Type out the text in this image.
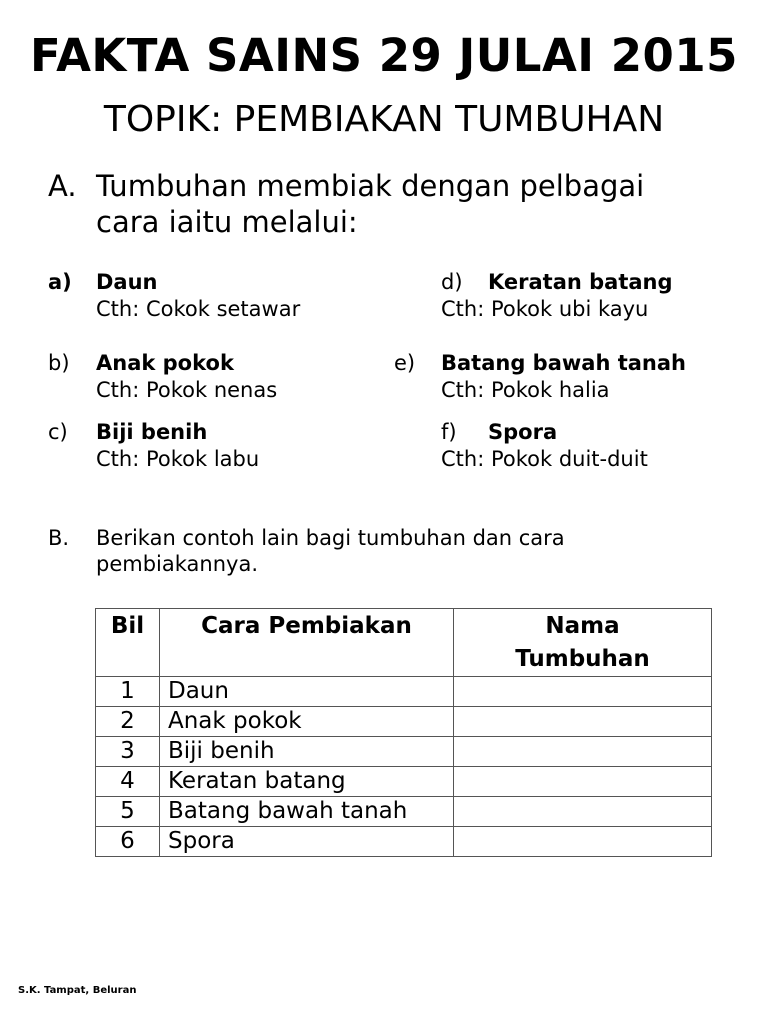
FAKTA SAINS 29 JULAI 2015
TOPIK: PEMBIAKAN TUMBUHAN
A. Tumbuhan membiak dengan pelbagai cara iaitu melalui:
a) Daun
Cth: Cokok setawar
b) Anak pokok
Cth: Pokok nenas
c) Biji benih
Cth: Pokok labu
d) Keratan batang
Cth: Pokok ubi kayu
e) Batang bawah tanah
Cth: Pokok halia
f) Spora
Cth: Pokok duit-duit
B. Berikan contoh lain bagi tumbuhan dan cara pembiakannya.
Bil	Cara Pembiakan	Nama
Tumbuhan

1	Daun	
2	Anak pokok	
3	Biji benih	
4	Keratan batang	
5	Batang bawah tanah	
6	Spora	
S.K. Tampat, Beluran
